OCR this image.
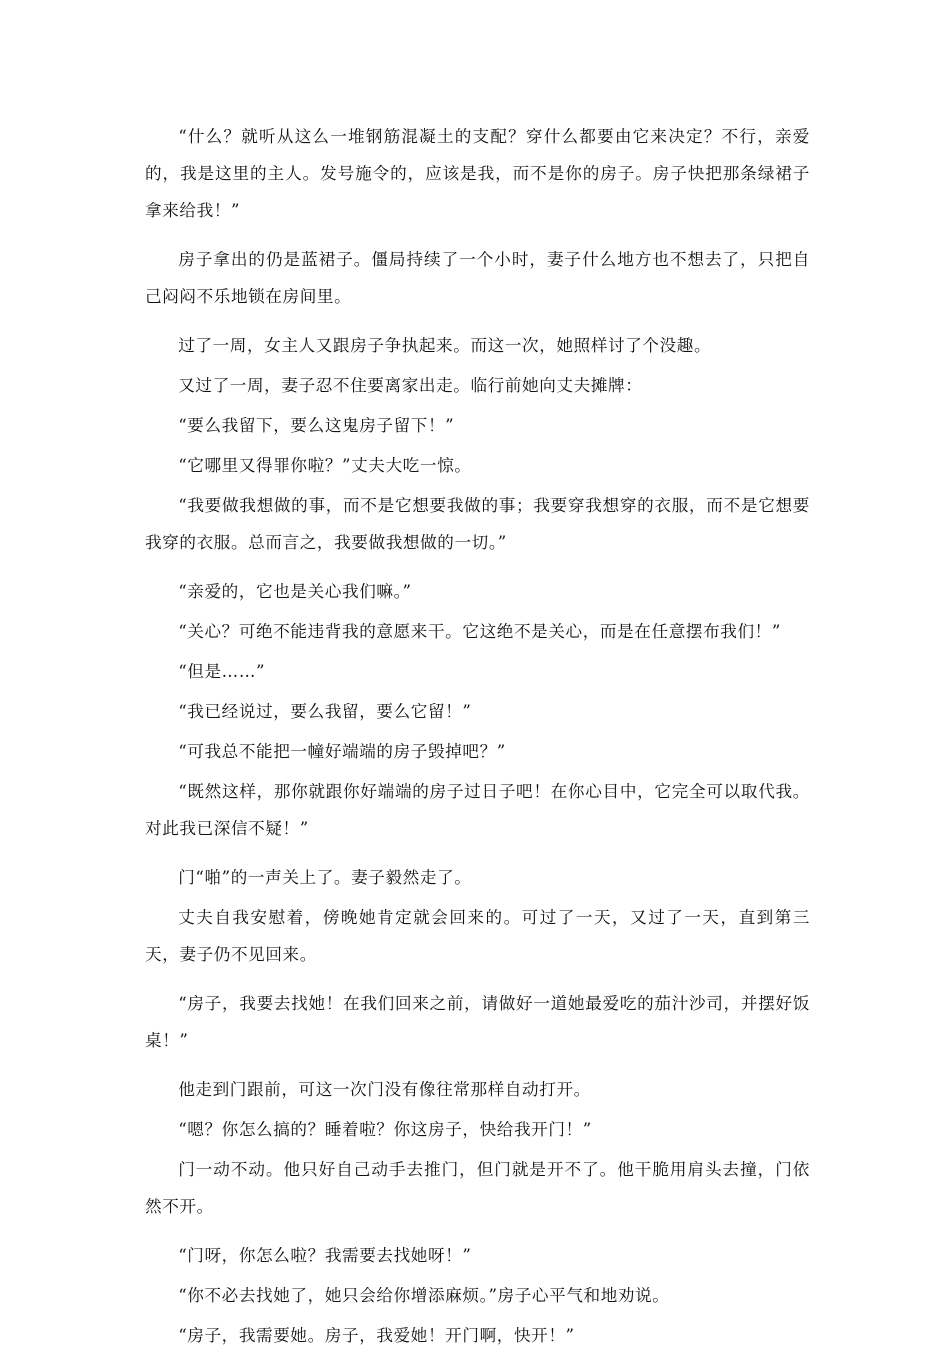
“什么？就听从这么一堆钢筋混凝土的支配？穿什么都要由它来决定？不行，亲爱的，我是这里的主人。发号施令的，应该是我，而不是你的房子。房子快把那条绿裙子拿来给我！”

房子拿出的仍是蓝裙子。僵局持续了一个小时，妻子什么地方也不想去了，只把自己闷闷不乐地锁在房间里。

过了一周，女主人又跟房子争执起来。而这一次，她照样讨了个没趣。

又过了一周，妻子忍不住要离家出走。临行前她向丈夫摊牌：

“要么我留下，要么这鬼房子留下！”

“它哪里又得罪你啦？”丈夫大吃一惊。

“我要做我想做的事，而不是它想要我做的事；我要穿我想穿的衣服，而不是它想要我穿的衣服。总而言之，我要做我想做的一切。”

“亲爱的，它也是关心我们嘛。”

“关心？可绝不能违背我的意愿来干。它这绝不是关心，而是在任意摆布我们！”

“但是……”

“我已经说过，要么我留，要么它留！”

“可我总不能把一幢好端端的房子毁掉吧？”

“既然这样，那你就跟你好端端的房子过日子吧！在你心目中，它完全可以取代我。对此我已深信不疑！”

门“啪”的一声关上了。妻子毅然走了。

丈夫自我安慰着，傍晚她肯定就会回来的。可过了一天，又过了一天，直到第三天，妻子仍不见回来。

“房子，我要去找她！在我们回来之前，请做好一道她最爱吃的茄汁沙司，并摆好饭桌！”

他走到门跟前，可这一次门没有像往常那样自动打开。

“嗯？你怎么搞的？睡着啦？你这房子，快给我开门！”

门一动不动。他只好自己动手去推门，但门就是开不了。他干脆用肩头去撞，门依然不开。

“门呀，你怎么啦？我需要去找她呀！”

“你不必去找她了，她只会给你增添麻烦。”房子心平气和地劝说。

“房子，我需要她。房子，我爱她！开门啊，快开！”
